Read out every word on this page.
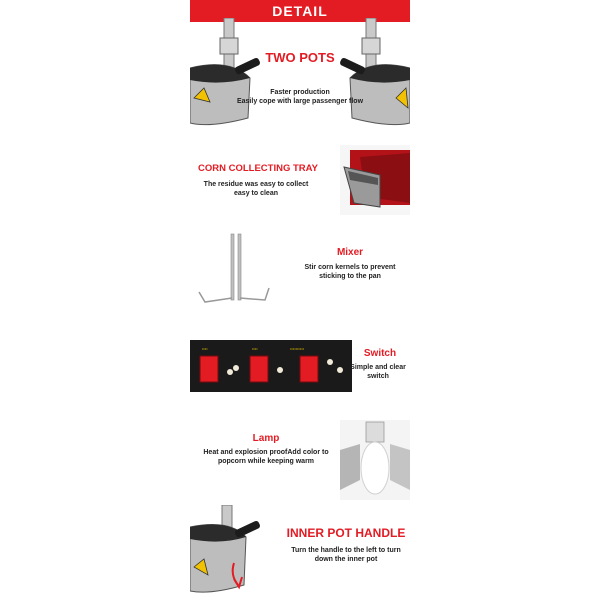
DETAIL
TWO POTS
Faster production
Easily cope with large passenger flow
CORN COLLECTING TRAY
The residue was easy to collect
easy to clean
Mixer
Stir corn kernels to prevent
sticking to the pan
••••	••••	••••••••••	Switch
Simple and clear
switch
Lamp
Heat and explosion proofAdd color to
popcorn while keeping warm
INNER POT HANDLE
Turn the handle to the left to turn
down the inner pot
